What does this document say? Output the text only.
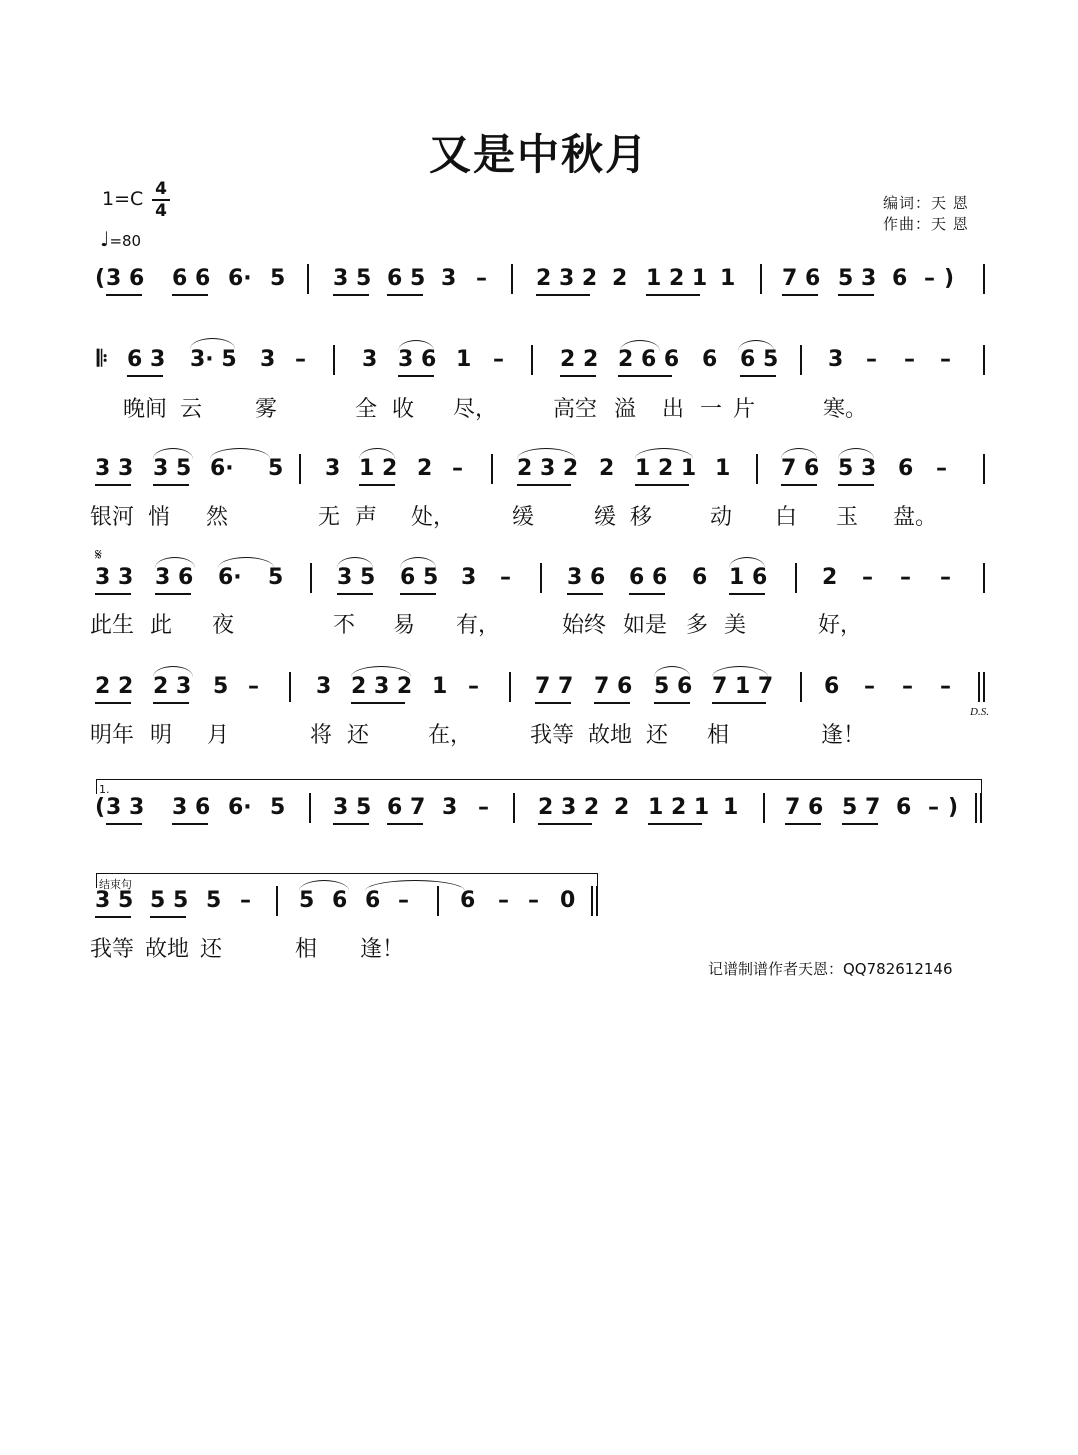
又是中秋月
1=C 4
4
♩=80
编词：天 恩
作曲：天 恩
( 3 6 6 6 6· 5 3 5 6 5 3 – 2 3 2 2 1 2 1 1 7 6 5 3 6 – )
𝄆 6 3 3· 5 3 –	3 3 6 1 –	2 2 2 6 6 6 6 5 3 – – –
晚间 云 雾	全 收 尽，	高空 溢 出 一 片	寒。
3 3 3 5 6· 5 3 1 2 2 – 2 3 2 2 1 2 1 1 7 6 5 3 6 –
银河 悄 然	无 声 处，	缓	缓 移	动 白 玉 盘。
3 3 3 6 6· 5 3 5 6 5 3 –	3 6 6 6 6 1 6 2 – – –
此生 此 夜	不 易 有，	始终 如是 多 美	好，
2 2 2 3 5 –	3 2 3 2 1 –	7 7 7 6 5 6 7 1 7 6 – – –
明年 明 月	将 还	在，	我等 故地 还 相	逢！
( 3 3 3 6 6· 5 3 5 6 7 3 – 2 3 2 2 1 2 1 1 7 6 5 7 6 – )
3 5 5 5 5 – 5 6 6 – 6 – – 0
我等 故地 还	相 逢！
𝄋
D.S.
1.
结束句
记谱制谱作者天恩：QQ782612146
